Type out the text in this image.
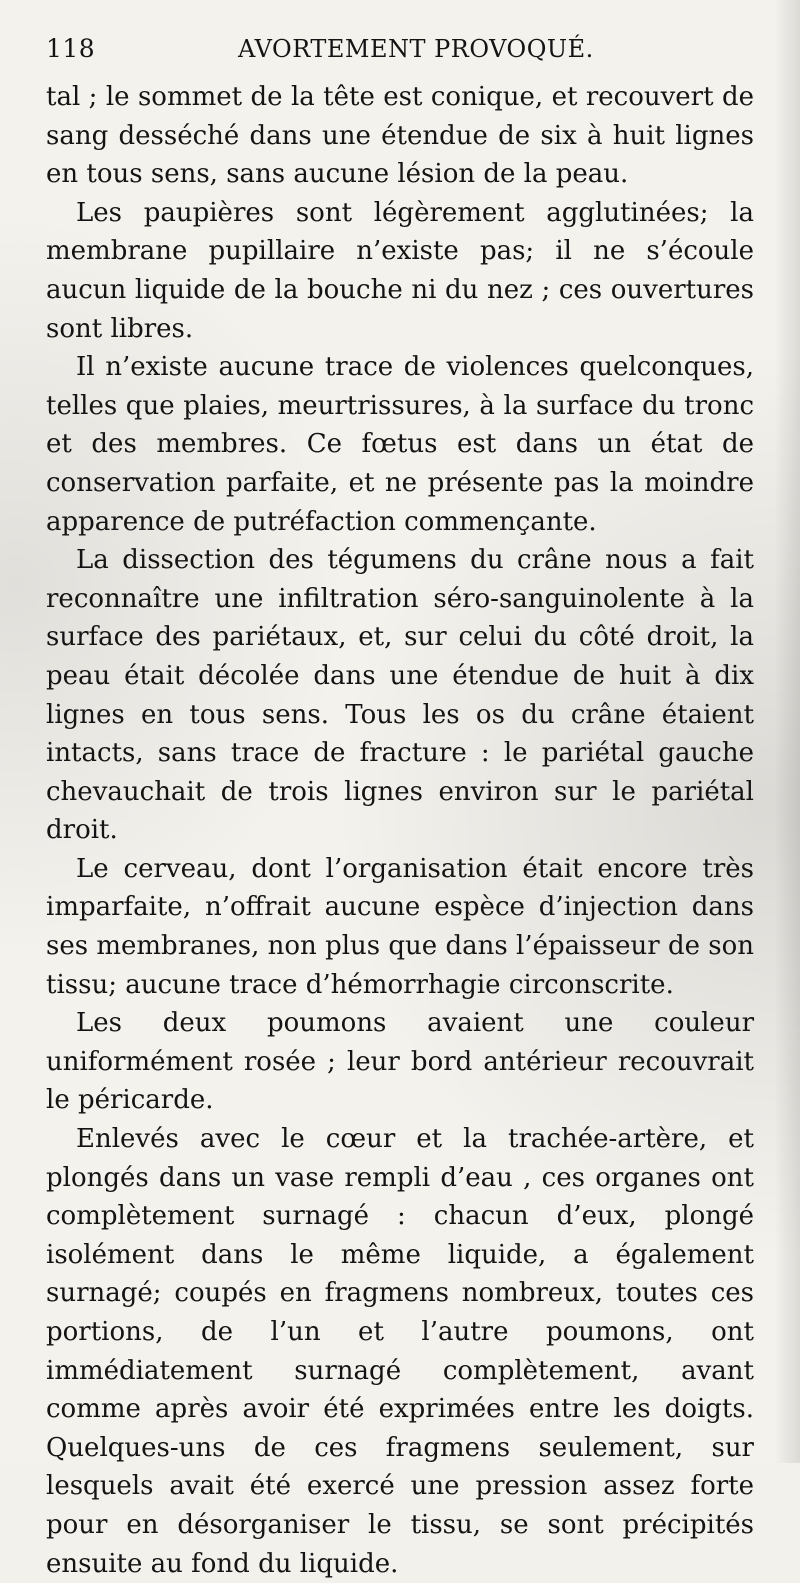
118	AVORTEMENT PROVOQUÉ.

tal ; le sommet de la tête est conique, et recouvert de sang desséché dans une étendue de six à huit lignes en tous sens, sans aucune lésion de la peau.

Les paupières sont légèrement agglutinées; la membrane pupillaire n’existe pas; il ne s’écoule aucun liquide de la bouche ni du nez ; ces ouvertures sont libres.

Il n’existe aucune trace de violences quelconques, telles que plaies, meurtrissures, à la surface du tronc et des membres. Ce fœtus est dans un état de conservation parfaite, et ne présente pas la moindre apparence de putréfaction commençante.

La dissection des tégumens du crâne nous a fait reconnaître une infiltration séro-sanguinolente à la surface des pariétaux, et, sur celui du côté droit, la peau était décolée dans une étendue de huit à dix lignes en tous sens. Tous les os du crâne étaient intacts, sans trace de fracture : le pariétal gauche chevauchait de trois lignes environ sur le pariétal droit.

Le cerveau, dont l’organisation était encore très imparfaite, n’offrait aucune espèce d’injection dans ses membranes, non plus que dans l’épaisseur de son tissu; aucune trace d’hémorrhagie circonscrite.

Les deux poumons avaient une couleur uniformément rosée ; leur bord antérieur recouvrait le péricarde.

Enlevés avec le cœur et la trachée-artère, et plongés dans un vase rempli d’eau , ces organes ont complètement surnagé : chacun d’eux, plongé isolément dans le même liquide, a également surnagé; coupés en fragmens nombreux, toutes ces portions, de l’un et l’autre poumons, ont immédiatement surnagé complètement, avant comme après avoir été exprimées entre les doigts. Quelques-uns de ces fragmens seulement, sur lesquels avait été exercé une pression assez forte pour en désorganiser le tissu, se sont précipités ensuite au fond du liquide.
